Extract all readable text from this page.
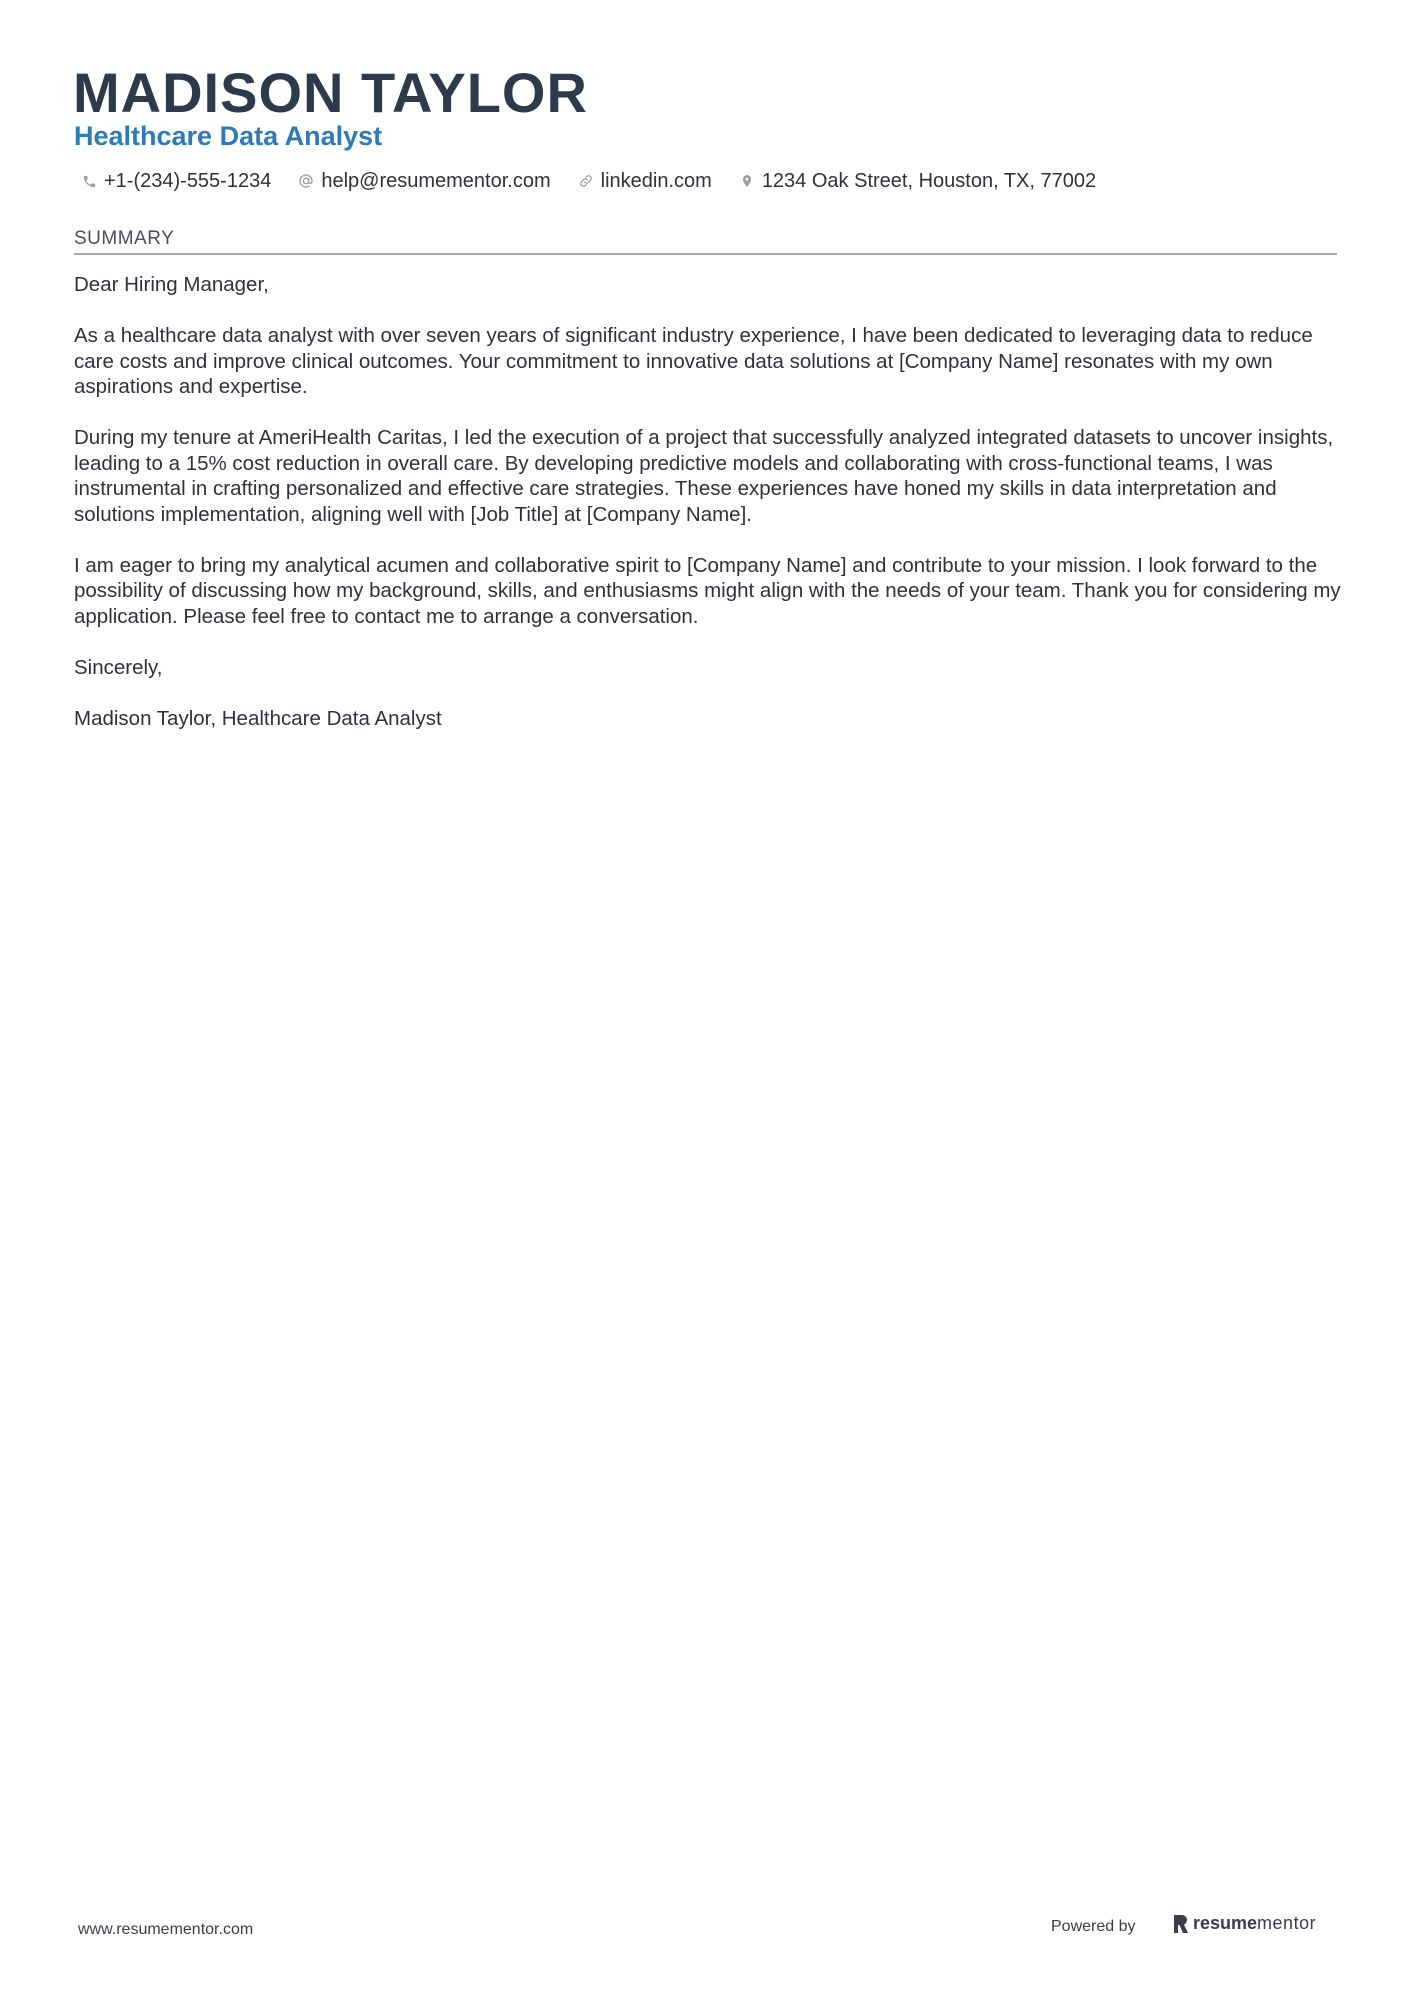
MADISON TAYLOR
Healthcare Data Analyst
+1-(234)-555-1234	help@resumementor.com	linkedin.com	1234 Oak Street, Houston, TX, 77002
SUMMARY

Dear Hiring Manager,

As a healthcare data analyst with over seven years of significant industry experience, I have been dedicated to leveraging data to reduce care costs and improve clinical outcomes. Your commitment to innovative data solutions at [Company Name] resonates with my own aspirations and expertise.

During my tenure at AmeriHealth Caritas, I led the execution of a project that successfully analyzed integrated datasets to uncover insights, leading to a 15% cost reduction in overall care. By developing predictive models and collaborating with cross-functional teams, I was instrumental in crafting personalized and effective care strategies. These experiences have honed my skills in data interpretation and solutions implementation, aligning well with [Job Title] at [Company Name].

I am eager to bring my analytical acumen and collaborative spirit to [Company Name] and contribute to your mission. I look forward to the possibility of discussing how my background, skills, and enthusiasms might align with the needs of your team. Thank you for considering my application. Please feel free to contact me to arrange a conversation.

Sincerely,

Madison Taylor, Healthcare Data Analyst

www.resumementor.com	Powered by	resume mentor
